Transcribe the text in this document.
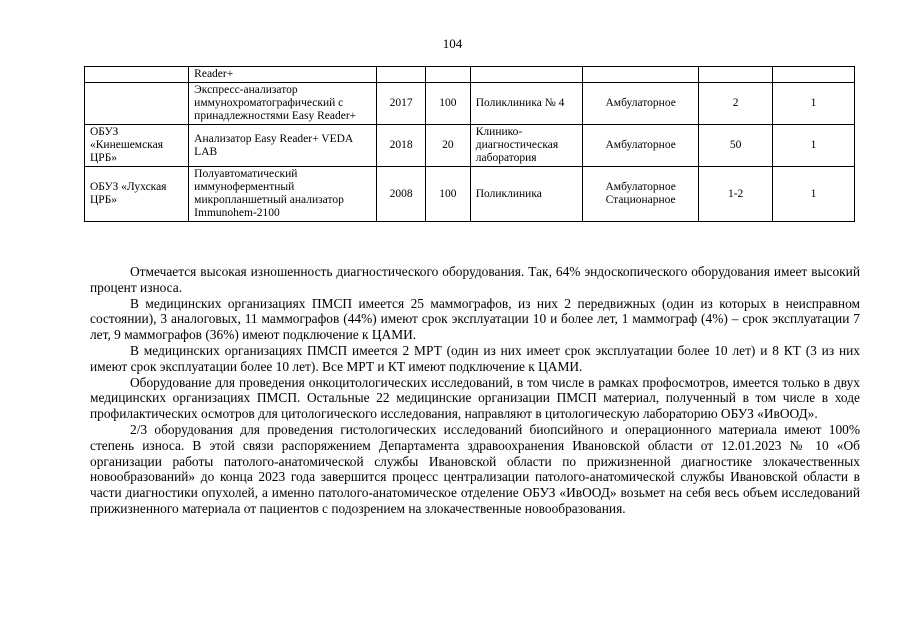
104
	Reader+						
	Экспресс-анализатор иммунохроматографический с принадлежностями Easy Reader+	2017	100	Поликлиника № 4	Амбулаторное	2	1
ОБУЗ «Кинешемская ЦРБ»	Анализатор Easy Reader+ VEDA LAB	2018	20	Клинико-диагностическая лаборатория	Амбулаторное	50	1
ОБУЗ «Лухская ЦРБ»	Полуавтоматический иммуноферментный микропланшетный анализатор Immunohem-2100	2008	100	Поликлиника	Амбулаторное Стационарное	1-2	1

Отмечается высокая изношенность диагностического оборудования. Так, 64% эндоскопического оборудования имеет высокий процент износа.

В медицинских организациях ПМСП имеется 25 маммографов, из них 2 передвижных (один из которых в неисправном состоянии), 3 аналоговых, 11 маммографов (44%) имеют срок эксплуатации 10 и более лет, 1 маммограф (4%) – срок эксплуатации 7 лет, 9 маммографов (36%) имеют подключение к ЦАМИ.

В медицинских организациях ПМСП имеется 2 МРТ (один из них имеет срок эксплуатации более 10 лет) и 8 КТ (3 из них имеют срок эксплуатации более 10 лет). Все МРТ и КТ имеют подключение к ЦАМИ.

Оборудование для проведения онкоцитологических исследований, в том числе в рамках профосмотров, имеется только в двух медицинских организациях ПМСП. Остальные 22 медицинские организации ПМСП материал, полученный в том числе в ходе профилактических осмотров для цитологического исследования, направляют в цитологическую лабораторию ОБУЗ «ИвООД».

2/3 оборудования для проведения гистологических исследований биопсийного и операционного материала имеют 100% степень износа. В этой связи распоряжением Департамента здравоохранения Ивановской области от 12.01.2023 № 10 «Об организации работы патолого-анатомической службы Ивановской области по прижизненной диагностике злокачественных новообразований» до конца 2023 года завершится процесс централизации патолого-анатомической службы Ивановской области в части диагностики опухолей, а именно патолого-анатомическое отделение ОБУЗ «ИвООД» возьмет на себя весь объем исследований прижизненного материала от пациентов с подозрением на злокачественные новообразования.
